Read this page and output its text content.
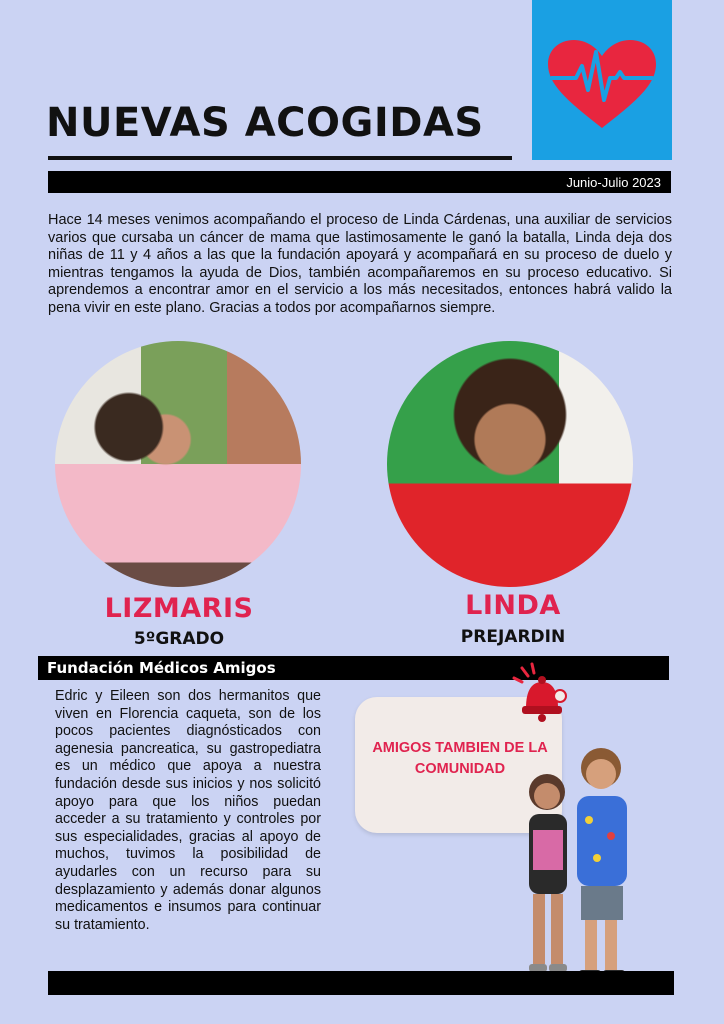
NUEVAS ACOGIDAS
Junio-Julio 2023

Hace 14 meses venimos acompañando el proceso de Linda Cárdenas, una auxiliar de servicios varios que cursaba un cáncer de mama que lastimosamente le ganó la batalla, Linda deja dos niñas de 11 y 4 años a las que la fundación apoyará y acompañará en su proceso de duelo y mientras tengamos la ayuda de Dios, también acompañaremos en su proceso educativo. Si aprendemos a encontrar amor en el servicio a los más necesitados, entonces habrá valido la pena vivir en este plano. Gracias a todos por acompañarnos siempre.

LIZMARIS

5ºGRADO

LINDA

PREJARDIN

Fundación Médicos Amigos

Edric y Eileen son dos hermanitos que viven en Florencia caqueta, son de los pocos pacientes diagnósticados con agenesia pancreatica, su gastropediatra es un médico que apoya a nuestra fundación desde sus inicios y nos solicitó apoyo para que los niños puedan acceder a su tratamiento y controles por sus especialidades, gracias al apoyo de muchos, tuvimos la posibilidad de ayudarles con un recurso para su desplazamiento y además donar algunos medicamentos e insumos para continuar su tratamiento.

AMIGOS TAMBIEN DE LA COMUNIDAD
